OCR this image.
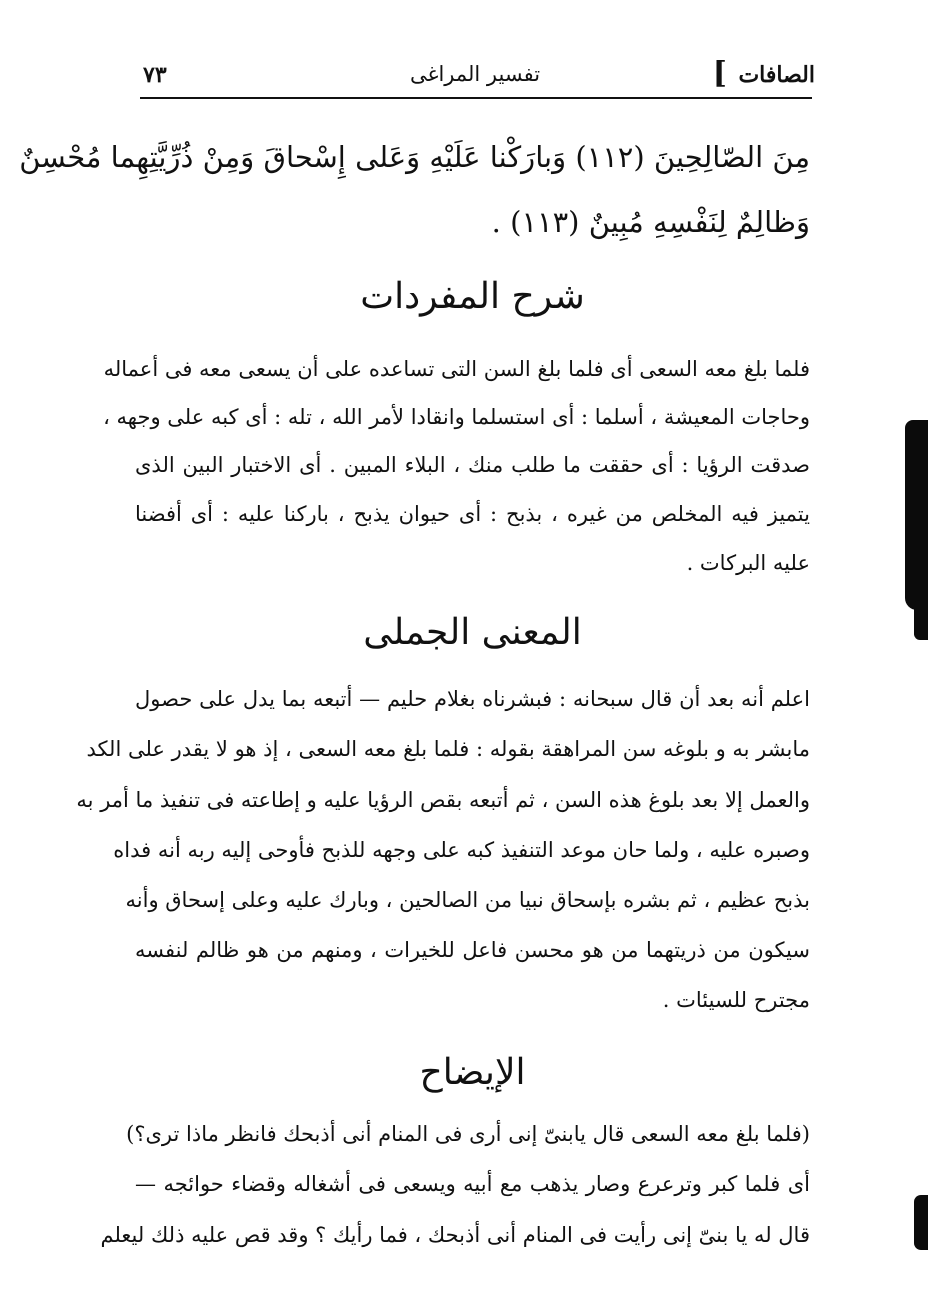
الصافات
]
تفسير المراغى
٧٣
مِنَ الصّالِحِينَ (١١٢) وَبارَكْنا عَلَيْهِ وَعَلى إِسْحاقَ وَمِنْ ذُرِّيَّتِهِما مُحْسِنٌ
وَظالِمٌ لِنَفْسِهِ مُبِينٌ (١١٣) .
شرح المفردات
فلما بلغ معه السعى أى فلما بلغ السن التى تساعده على أن يسعى معه فى أعماله
وحاجات المعيشة ، أسلما : أى استسلما وانقادا لأمر الله ، تله : أى كبه على وجهه ،
صدقت الرؤيا : أى حققت ما طلب منك ، البلاء المبين . أى الاختبار البين الذى
يتميز فيه المخلص من غيره ، بذبح : أى حيوان يذبح ، باركنا عليه : أى أفضنا
عليه البركات .
المعنى الجملى
اعلم أنه بعد أن قال سبحانه : فبشرناه بغلام حليم — أتبعه بما يدل على حصول
مابشر به و بلوغه سن المراهقة بقوله : فلما بلغ معه السعى ، إذ هو لا يقدر على الكد
والعمل إلا بعد بلوغ هذه السن ، ثم أتبعه بقص الرؤيا عليه و إطاعته فى تنفيذ ما أمر به
وصبره عليه ، ولما حان موعد التنفيذ كبه على وجهه للذبح فأوحى إليه ربه أنه فداه
بذبح عظيم ، ثم بشره بإسحاق نبيا من الصالحين ، وبارك عليه وعلى إسحاق وأنه
سيكون من ذريتهما من هو محسن فاعل للخيرات ، ومنهم من هو ظالم لنفسه
مجترح للسيئات .
الإيضاح
(فلما بلغ معه السعى قال يابنىّ إنى أرى فى المنام أنى أذبحك فانظر ماذا ترى؟)
أى فلما كبر وترعرع وصار يذهب مع أبيه ويسعى فى أشغاله وقضاء حوائجه —
قال له يا بنىّ إنى رأيت فى المنام أنى أذبحك ، فما رأيك ؟ وقد قص عليه ذلك ليعلم
